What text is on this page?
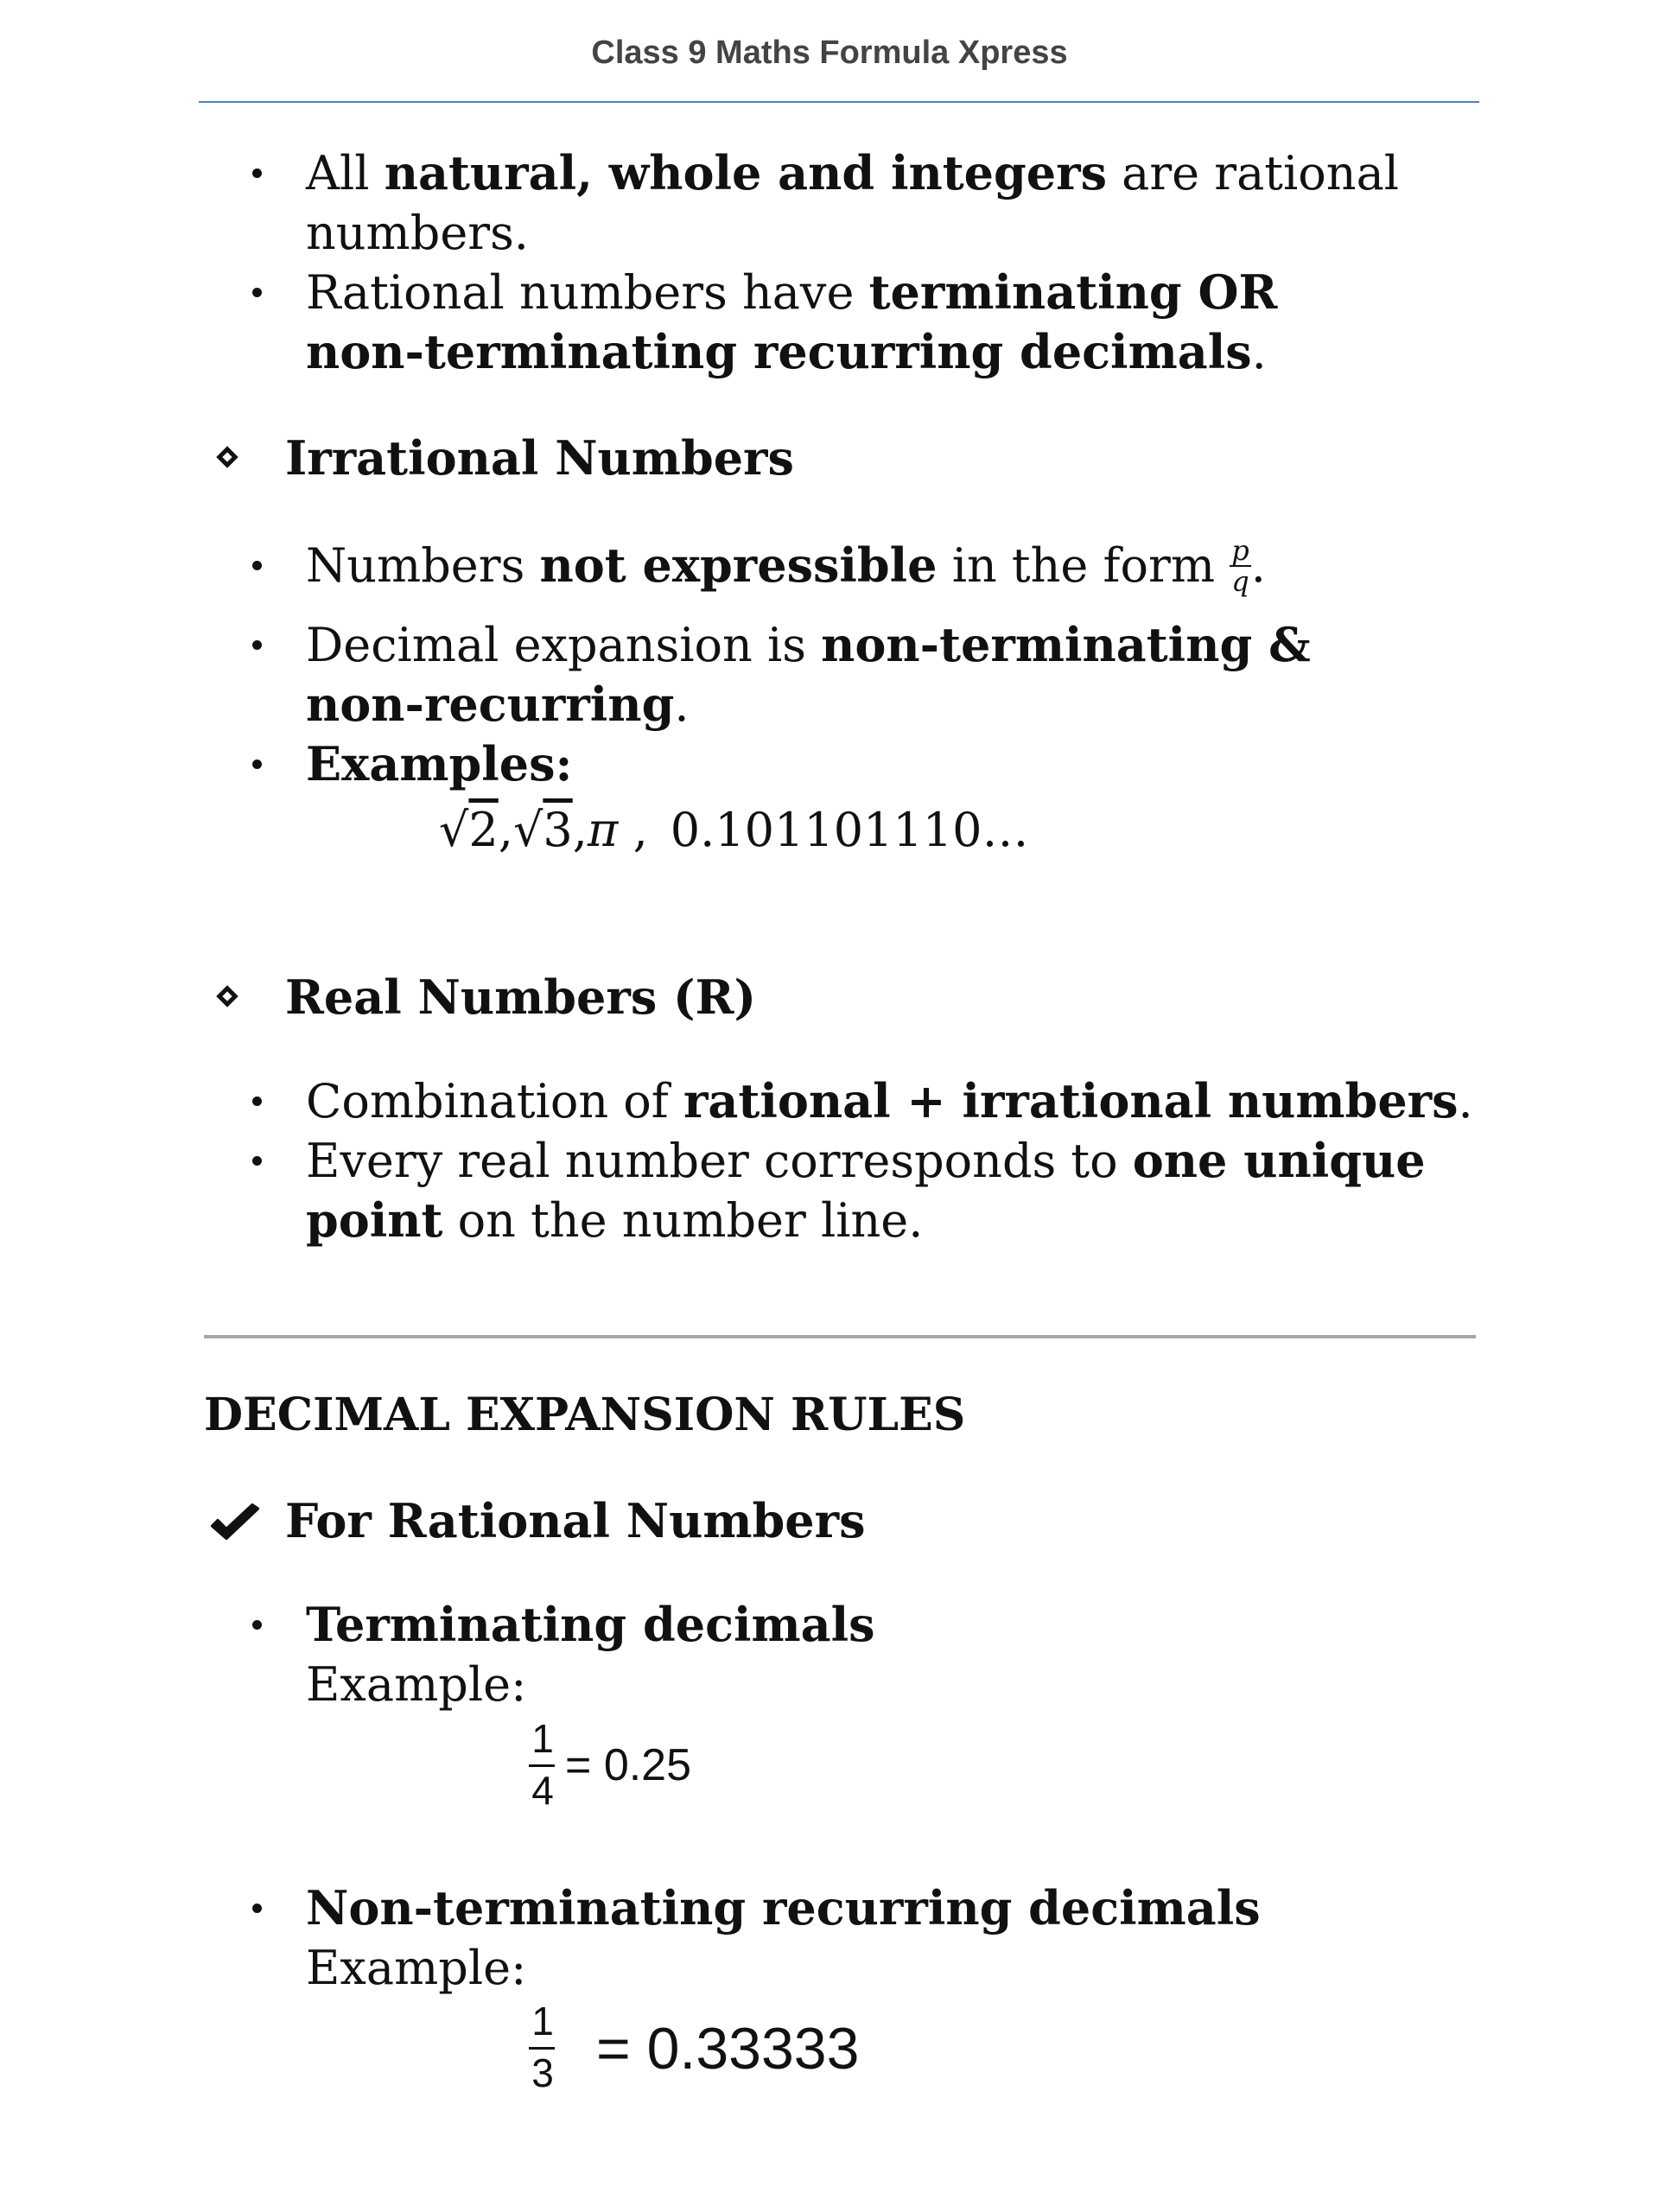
Class 9 Maths Formula Xpress
All natural, whole and integers are rational numbers.
Rational numbers have terminating OR non-terminating recurring decimals.
Irrational Numbers
Numbers not expressible in the form $\frac{p}{q}$ .
Decimal expansion is non-terminating & non-recurring.
Examples:
√2,√3,π , 0.101101110…
Real Numbers (R)
Combination of rational + irrational numbers.
Every real number corresponds to one unique point on the number line.
DECIMAL EXPANSION RULES
For Rational Numbers
Terminating decimals
Example:
1
4 = 0.25
Non-terminating recurring decimals
Example:
1
3 = 0.33333
